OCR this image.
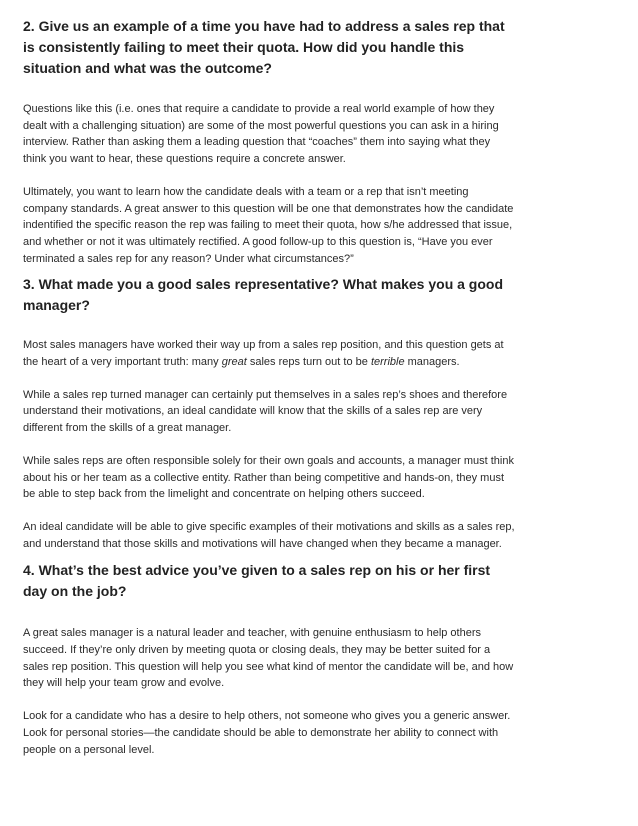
2. Give us an example of a time you have had to address a sales rep that is consistently failing to meet their quota. How did you handle this situation and what was the outcome?

Questions like this (i.e. ones that require a candidate to provide a real world example of how they dealt with a challenging situation) are some of the most powerful questions you can ask in a hiring interview. Rather than asking them a leading question that “coaches” them into saying what they think you want to hear, these questions require a concrete answer.

Ultimately, you want to learn how the candidate deals with a team or a rep that isn’t meeting company standards. A great answer to this question will be one that demonstrates how the candidate indentified the specific reason the rep was failing to meet their quota, how s/he addressed that issue, and whether or not it was ultimately rectified. A good follow-up to this question is, “Have you ever terminated a sales rep for any reason? Under what circumstances?”

3. What made you a good sales representative? What makes you a good manager?

Most sales managers have worked their way up from a sales rep position, and this question gets at the heart of a very important truth: many great sales reps turn out to be terrible managers.

While a sales rep turned manager can certainly put themselves in a sales rep’s shoes and therefore understand their motivations, an ideal candidate will know that the skills of a sales rep are very different from the skills of a great manager.

While sales reps are often responsible solely for their own goals and accounts, a manager must think about his or her team as a collective entity. Rather than being competitive and hands-on, they must be able to step back from the limelight and concentrate on helping others succeed.

An ideal candidate will be able to give specific examples of their motivations and skills as a sales rep, and understand that those skills and motivations will have changed when they became a manager.

4. What’s the best advice you’ve given to a sales rep on his or her first day on the job?

A great sales manager is a natural leader and teacher, with genuine enthusiasm to help others succeed. If they’re only driven by meeting quota or closing deals, they may be better suited for a sales rep position. This question will help you see what kind of mentor the candidate will be, and how they will help your team grow and evolve.

Look for a candidate who has a desire to help others, not someone who gives you a generic answer. Look for personal stories—the candidate should be able to demonstrate her ability to connect with people on a personal level.
